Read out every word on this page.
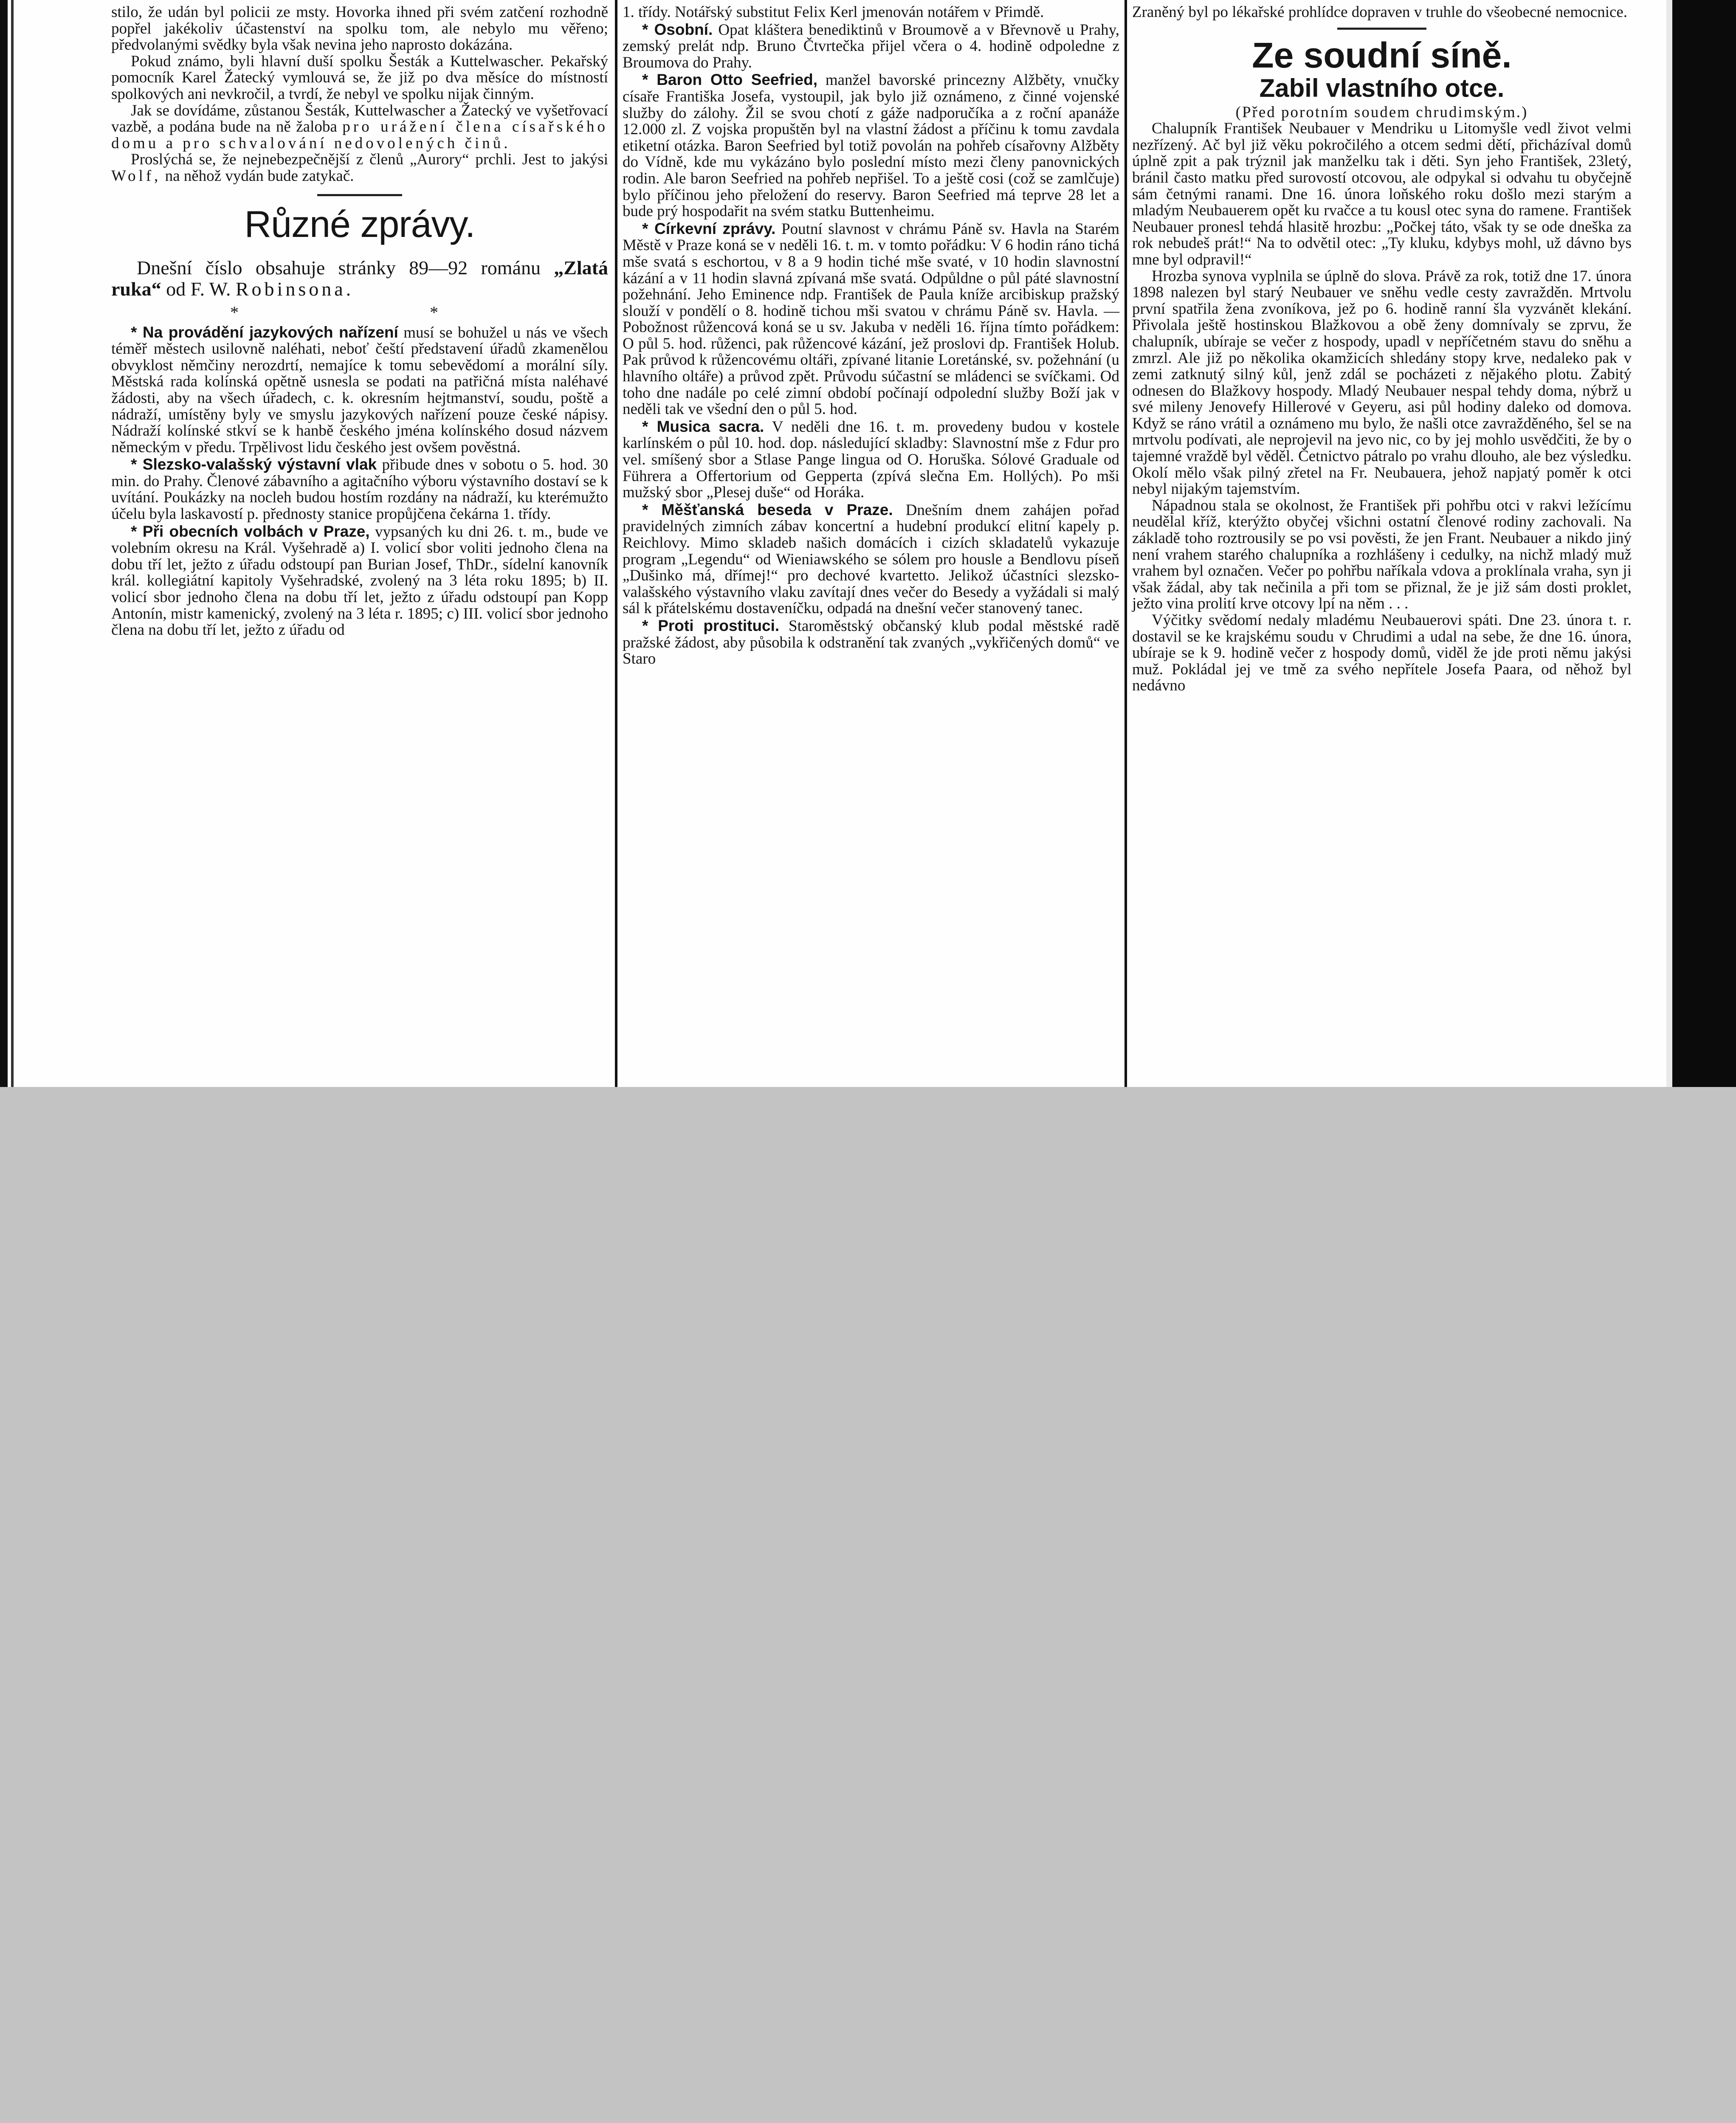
stilo, že udán byl policii ze msty. Hovorka ihned při svém zatčení rozhodně popřel jakékoliv účastenství na spolku tom, ale nebylo mu věřeno; předvolanými svědky byla však nevina jeho naprosto dokázána.

Pokud známo, byli hlavní duší spolku Šesták a Kuttelwascher. Pekařský pomocník Karel Žatecký vymlouvá se, že již po dva měsíce do místností spolkových ani nevkročil, a tvrdí, že nebyl ve spolku nijak činným.

Jak se dovídáme, zůstanou Šesták, Kuttelwascher a Žatecký ve vyšetřovací vazbě, a podána bude na ně žaloba pro urážení člena císařského domu a pro schvalování nedovolených činů.

Proslýchá se, že nejnebezpečnější z členů „Aurory“ prchli. Jest to jakýsi Wolf, na něhož vydán bude zatykač.

Různé zprávy.

Dnešní číslo obsahuje stránky 89—92 románu „Zlatá ruka“ od F. W. Robinsona.

* *

* Na provádění jazykových nařízení musí se bohužel u nás ve všech téměř městech usilovně naléhati, neboť čeští představení úřadů zkamenělou obvyklost němčiny nerozdrtí, nemajíce k tomu sebevědomí a morální síly. Městská rada kolínská opětně usnesla se podati na patřičná místa naléhavé žádosti, aby na všech úřadech, c. k. okresním hejtmanství, soudu, poště a nádraží, umístěny byly ve smyslu jazykových nařízení pouze české nápisy. Nádraží kolínské stkví se k hanbě českého jména kolínského dosud názvem německým v předu. Trpělivost lidu českého jest ovšem pověstná.

* Slezsko-valašský výstavní vlak přibude dnes v sobotu o 5. hod. 30 min. do Prahy. Členové zábavního a agitačního výboru výstavního dostaví se k uvítání. Poukázky na nocleh budou hostím rozdány na nádraží, ku kterémužto účelu byla laskavostí p. přednosty stanice propůjčena čekárna 1. třídy.

* Při obecních volbách v Praze, vypsaných ku dni 26. t. m., bude ve volebním okresu na Král. Vyšehradě a) I. volicí sbor voliti jednoho člena na dobu tří let, ježto z úřadu odstoupí pan Burian Josef, ThDr., sídelní kanovník král. kollegiátní kapitoly Vyšehradské, zvolený na 3 léta roku 1895; b) II. volicí sbor jednoho člena na dobu tří let, ježto z úřadu odstoupí pan Kopp Antonín, mistr kamenický, zvolený na 3 léta r. 1895; c) III. volicí sbor jednoho člena na dobu tří let, ježto z úřadu od

1. třídy. Notářský substitut Felix Kerl jmenován notářem v Přimdě.

* Osobní. Opat kláštera benediktinů v Broumově a v Břevnově u Prahy, zemský prelát ndp. Bruno Čtvrtečka přijel včera o 4. hodině odpoledne z Broumova do Prahy.

* Baron Otto Seefried, manžel bavorské princezny Alžběty, vnučky císaře Františka Josefa, vystoupil, jak bylo již oznámeno, z činné vojenské služby do zálohy. Žil se svou chotí z gáže nadporučíka a z roční apanáže 12.000 zl. Z vojska propuštěn byl na vlastní žádost a příčinu k tomu zavdala etiketní otázka. Baron Seefried byl totiž povolán na pohřeb císařovny Alžběty do Vídně, kde mu vykázáno bylo poslední místo mezi členy panovnických rodin. Ale baron Seefried na pohřeb nepřišel. To a ještě cosi (což se zamlčuje) bylo příčinou jeho přeložení do reservy. Baron Seefried má teprve 28 let a bude prý hospodařit na svém statku Buttenheimu.

* Církevní zprávy. Poutní slavnost v chrámu Páně sv. Havla na Starém Městě v Praze koná se v neděli 16. t. m. v tomto pořádku: V 6 hodin ráno tichá mše svatá s eschortou, v 8 a 9 hodin tiché mše svaté, v 10 hodin slavnostní kázání a v 11 hodin slavná zpívaná mše svatá. Odpůldne o půl páté slavnostní požehnání. Jeho Eminence ndp. František de Paula kníže arcibiskup pražský slouží v pondělí o 8. hodině tichou mši svatou v chrámu Páně sv. Havla. — Pobožnost růžencová koná se u sv. Jakuba v neděli 16. října tímto pořádkem: O půl 5. hod. růženci, pak růžencové kázání, jež proslovi dp. František Holub. Pak průvod k růžencovému oltáři, zpívané litanie Loretánské, sv. požehnání (u hlavního oltáře) a průvod zpět. Průvodu súčastní se mládenci se svíčkami. Od toho dne nadále po celé zimní období počínají odpolední služby Boží jak v neděli tak ve všední den o půl 5. hod.

* Musica sacra. V neděli dne 16. t. m. provedeny budou v kostele karlínském o půl 10. hod. dop. následující skladby: Slavnostní mše z Fdur pro vel. smíšený sbor a Stlase Pange lingua od O. Horuška. Sólové Graduale od Führera a Offertorium od Gepperta (zpívá slečna Em. Hollých). Po mši mužský sbor „Plesej duše“ od Horáka.

* Měšťanská beseda v Praze. Dnešním dnem zahájen pořad pravidelných zimních zábav koncertní a hudební produkcí elitní kapely p. Reichlovy. Mimo skladeb našich domácích i cizích skladatelů vykazuje program „Legendu“ od Wieniawského se sólem pro housle a Bendlovu píseň „Dušinko má, dřímej!“ pro dechové kvartetto. Jelikož účastníci slezsko-valašského výstavního vlaku zavítají dnes večer do Besedy a vyžádali si malý sál k přátelskému dostaveníčku, odpadá na dnešní večer stanovený tanec.

* Proti prostituci. Staroměstský občanský klub podal městské radě pražské žádost, aby působila k odstranění tak zvaných „vykřičených domů“ ve Staro

Zraněný byl po lékařské prohlídce dopraven v truhle do všeobecné nemocnice.

Ze soudní síně.
Zabil vlastního otce.

(Před porotním soudem chrudimským.)

Chalupník František Neubauer v Mendriku u Litomyšle vedl život velmi nezřízený. Ač byl již věku pokročilého a otcem sedmi dětí, přicházíval domů úplně zpit a pak trýznil jak manželku tak i děti. Syn jeho František, 23letý, bránil často matku před surovostí otcovou, ale odpykal si odvahu tu obyčejně sám četnými ranami. Dne 16. února loňského roku došlo mezi starým a mladým Neubauerem opět ku rvačce a tu kousl otec syna do ramene. František Neubauer pronesl tehdá hlasitě hrozbu: „Počkej táto, však ty se ode dneška za rok nebudeš prát!“ Na to odvětil otec: „Ty kluku, kdybys mohl, už dávno bys mne byl odpravil!“

Hrozba synova vyplnila se úplně do slova. Právě za rok, totiž dne 17. února 1898 nalezen byl starý Neubauer ve sněhu vedle cesty zavražděn. Mrtvolu první spatřila žena zvoníkova, jež po 6. hodině ranní šla vyzvánět klekání. Přivolala ještě hostinskou Blažkovou a obě ženy domnívaly se zprvu, že chalupník, ubíraje se večer z hospody, upadl v nepříčetném stavu do sněhu a zmrzl. Ale již po několika okamžicích shledány stopy krve, nedaleko pak v zemi zatknutý silný kůl, jenž zdál se pocházeti z nějakého plotu. Zabitý odnesen do Blažkovy hospody. Mladý Neubauer nespal tehdy doma, nýbrž u své mileny Jenovefy Hillerové v Geyeru, asi půl hodiny daleko od domova. Když se ráno vrátil a oznámeno mu bylo, že našli otce zavražděného, šel se na mrtvolu podívati, ale neprojevil na jevo nic, co by jej mohlo usvědčiti, že by o tajemné vraždě byl věděl. Četnictvo pátralo po vrahu dlouho, ale bez výsledku. Okolí mělo však pilný zřetel na Fr. Neubauera, jehož napjatý poměr k otci nebyl nijakým tajemstvím.

Nápadnou stala se okolnost, že František při pohřbu otci v rakvi ležícímu neudělal kříž, kterýžto obyčej všichni ostatní členové rodiny zachovali. Na základě toho roztrousily se po vsi pověsti, že jen Frant. Neubauer a nikdo jiný není vrahem starého chalupníka a rozhlášeny i cedulky, na nichž mladý muž vrahem byl označen. Večer po pohřbu naříkala vdova a proklínala vraha, syn ji však žádal, aby tak nečinila a při tom se přiznal, že je již sám dosti proklet, ježto vina prolití krve otcovy lpí na něm . . .

Výčitky svědomí nedaly mladému Neubauerovi spáti. Dne 23. února t. r. dostavil se ke krajskému soudu v Chrudimi a udal na sebe, že dne 16. února, ubíraje se k 9. hodině večer z hospody domů, viděl že jde proti němu jakýsi muž. Pokládal jej ve tmě za svého nepřítele Josefa Paara, od něhož byl nedávno
